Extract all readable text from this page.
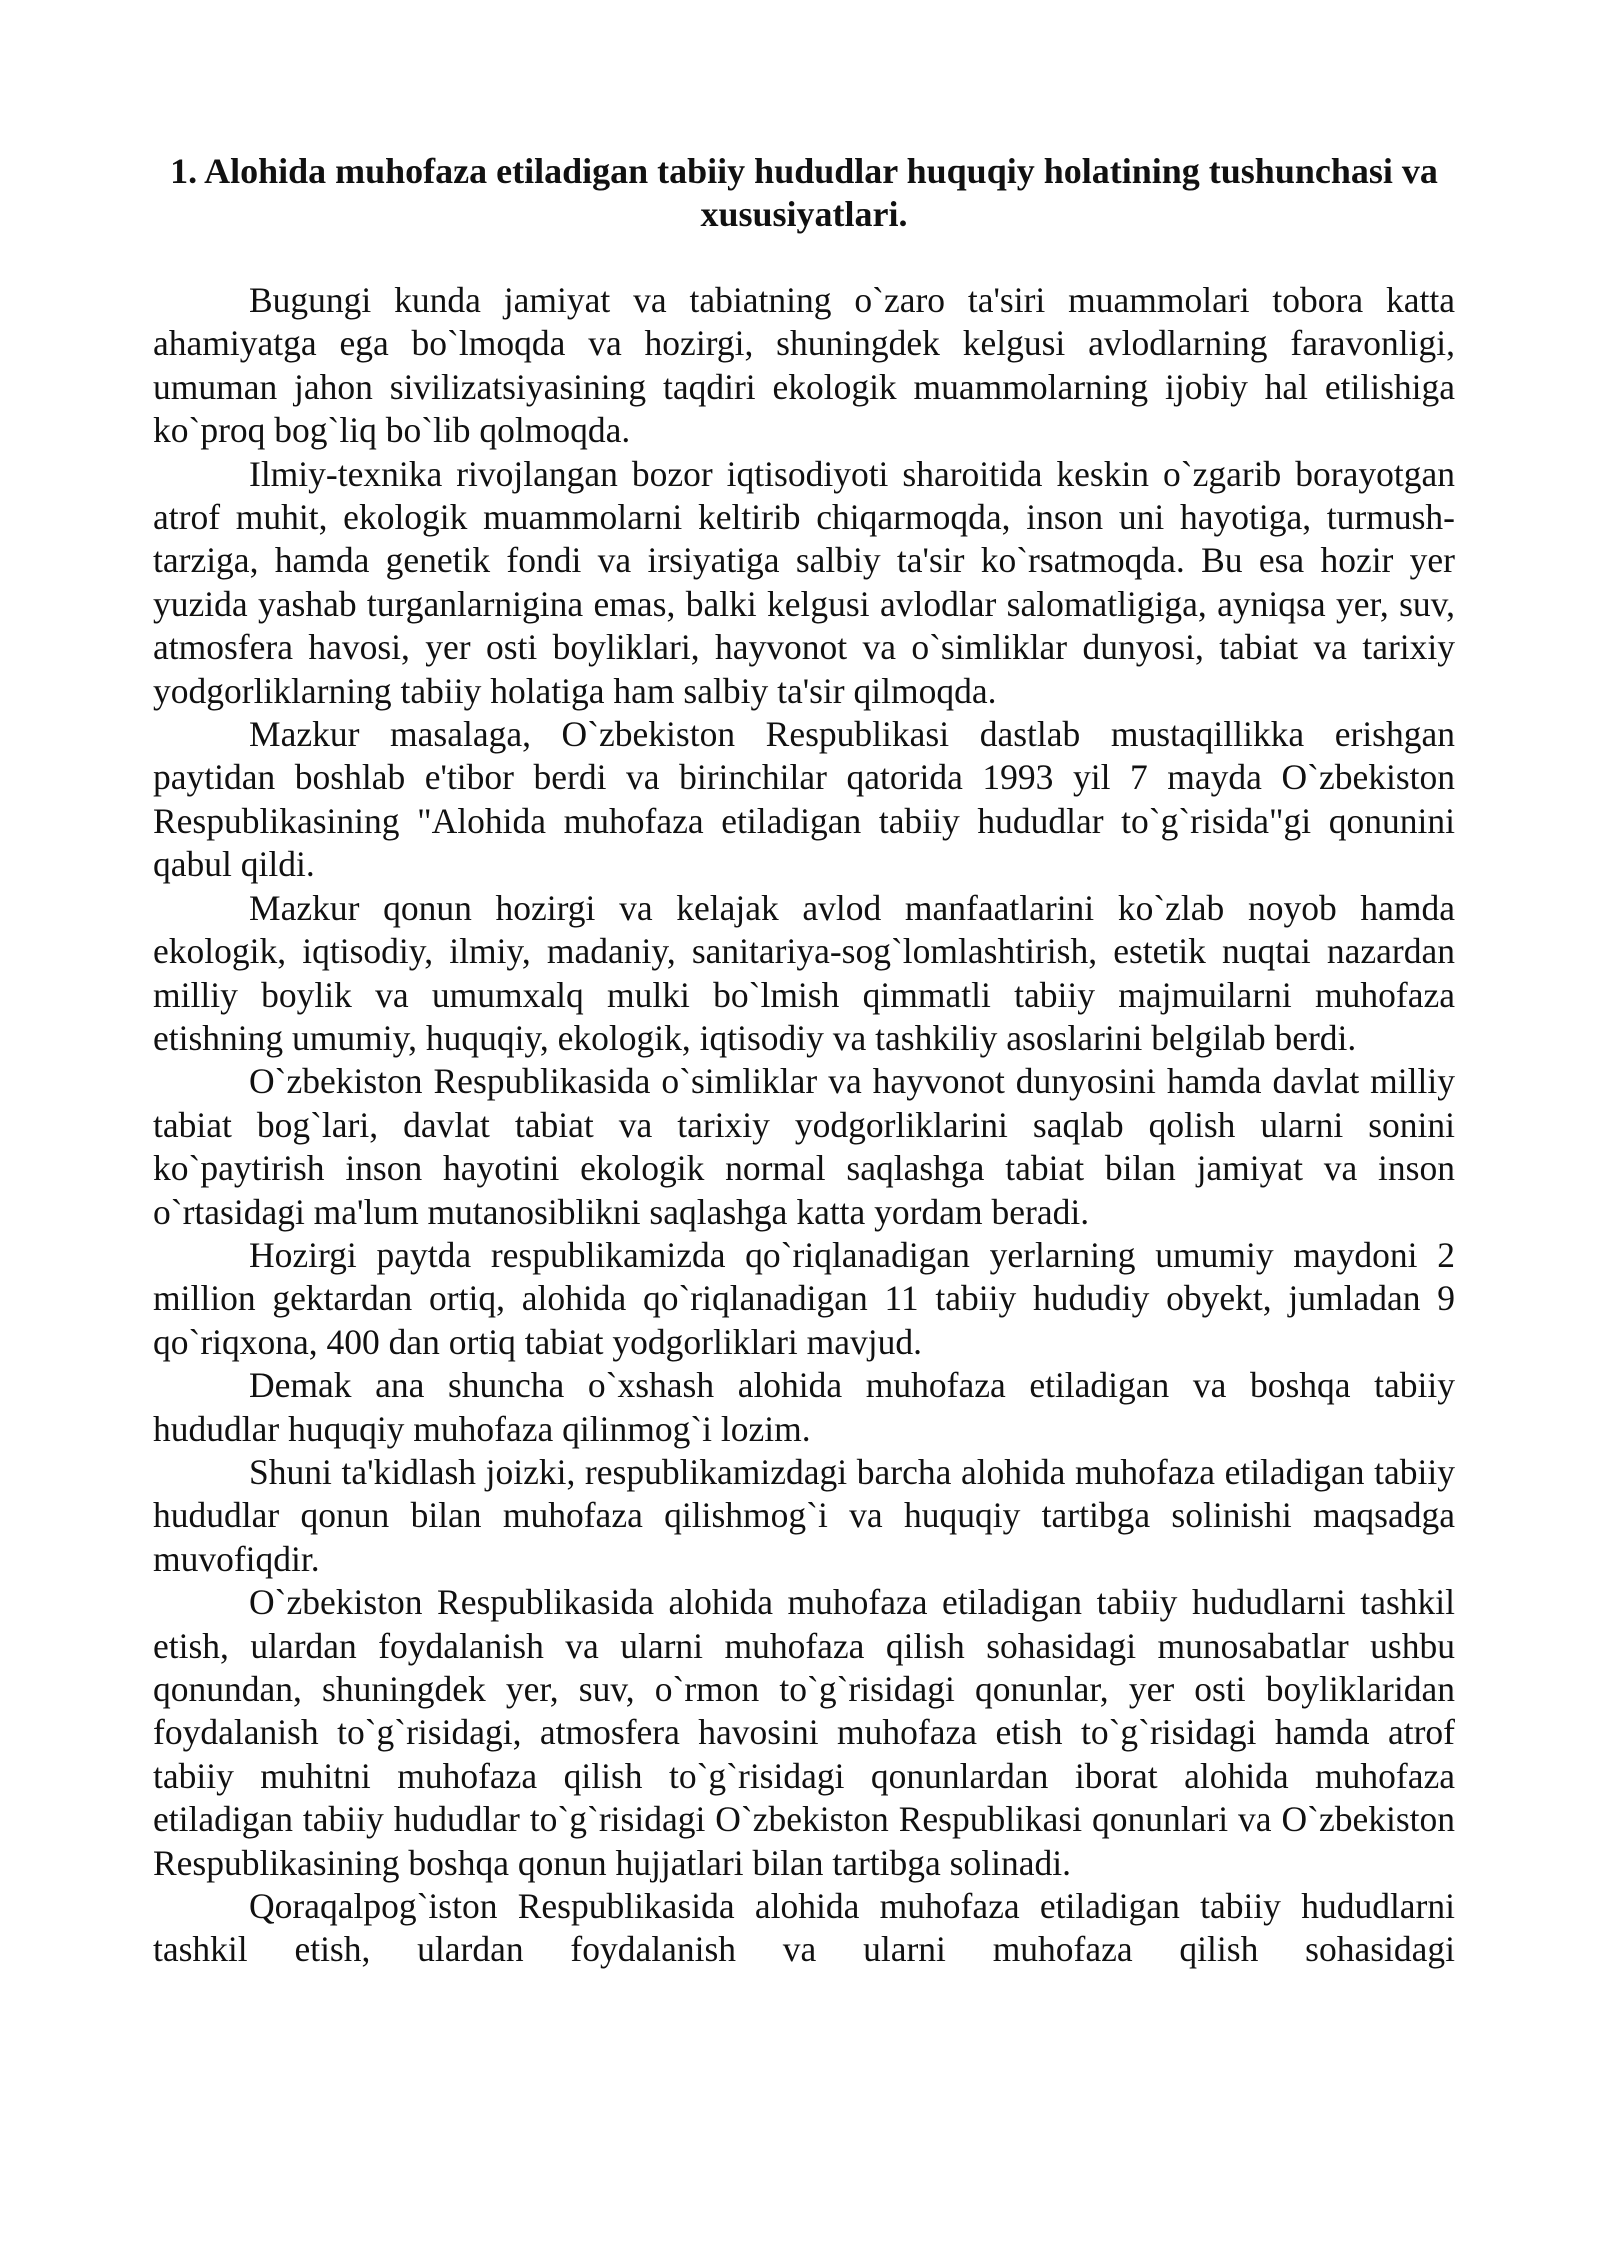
1. Alohida muhofaza etiladigan tabiiy hududlar huquqiy holatining tushunchasi va xususiyatlari.

Bugungi kunda jamiyat va tabiatning o`zaro ta'siri muammolari tobora katta ahamiyatga ega bo`lmoqda va hozirgi, shuningdek kelgusi avlodlarning faravonligi, umuman jahon sivilizatsiyasining taqdiri ekologik muammolarning ijobiy hal etilishiga ko`proq bog`liq bo`lib qolmoqda.

Ilmiy-texnika rivojlangan bozor iqtisodiyoti sharoitida keskin o`zgarib borayotgan atrof muhit, ekologik muammolarni keltirib chiqarmoqda, inson uni hayotiga, turmush-tarziga, hamda genetik fondi va irsiyatiga salbiy ta'sir ko`rsatmoqda. Bu esa hozir yer yuzida yashab turganlarnigina emas, balki kelgusi avlodlar salomatligiga, ayniqsa yer, suv, atmosfera havosi, yer osti boyliklari, hayvonot va o`simliklar dunyosi, tabiat va tarixiy yodgorliklarning tabiiy holatiga ham salbiy ta'sir qilmoqda.

Mazkur masalaga, O`zbekiston Respublikasi dastlab mustaqillikka erishgan paytidan boshlab e'tibor berdi va birinchilar qatorida 1993 yil 7 mayda O`zbekiston Respublikasining "Alohida muhofaza etiladigan tabiiy hududlar to`g`risida"gi qonunini qabul qildi.

Mazkur qonun hozirgi va kelajak avlod manfaatlarini ko`zlab noyob hamda ekologik, iqtisodiy, ilmiy, madaniy, sanitariya-sog`lomlashtirish, estetik nuqtai nazardan milliy boylik va umumxalq mulki bo`lmish qimmatli tabiiy majmuilarni muhofaza etishning umumiy, huquqiy, ekologik, iqtisodiy va tashkiliy asoslarini belgilab berdi.

O`zbekiston Respublikasida o`simliklar va hayvonot dunyosini hamda davlat milliy tabiat bog`lari, davlat tabiat va tarixiy yodgorliklarini saqlab qolish ularni sonini ko`paytirish inson hayotini ekologik normal saqlashga tabiat bilan jamiyat va inson o`rtasidagi ma'lum mutanosiblikni saqlashga katta yordam beradi.

Hozirgi paytda respublikamizda qo`riqlanadigan yerlarning umumiy maydoni 2 million gektardan ortiq, alohida qo`riqlanadigan 11 tabiiy hududiy obyekt, jumladan 9 qo`riqxona, 400 dan ortiq tabiat yodgorliklari mavjud.

Demak ana shuncha o`xshash alohida muhofaza etiladigan va boshqa tabiiy hududlar huquqiy muhofaza qilinmog`i lozim.

Shuni ta'kidlash joizki, respublikamizdagi barcha alohida muhofaza etiladigan tabiiy hududlar qonun bilan muhofaza qilishmog`i va huquqiy tartibga solinishi maqsadga muvofiqdir.

O`zbekiston Respublikasida alohida muhofaza etiladigan tabiiy hududlarni tashkil etish, ulardan foydalanish va ularni muhofaza qilish sohasidagi munosabatlar ushbu qonundan, shuningdek yer, suv, o`rmon to`g`risidagi qonunlar, yer osti boyliklaridan foydalanish to`g`risidagi, atmosfera havosini muhofaza etish to`g`risidagi hamda atrof tabiiy muhitni muhofaza qilish to`g`risidagi qonunlardan iborat alohida muhofaza etiladigan tabiiy hududlar to`g`risidagi O`zbekiston Respublikasi qonunlari va O`zbekiston Respublikasining boshqa qonun hujjatlari bilan tartibga solinadi.

Qoraqalpog`iston Respublikasida alohida muhofaza etiladigan tabiiy hududlarni tashkil etish, ulardan foydalanish va ularni muhofaza qilish sohasidagi
